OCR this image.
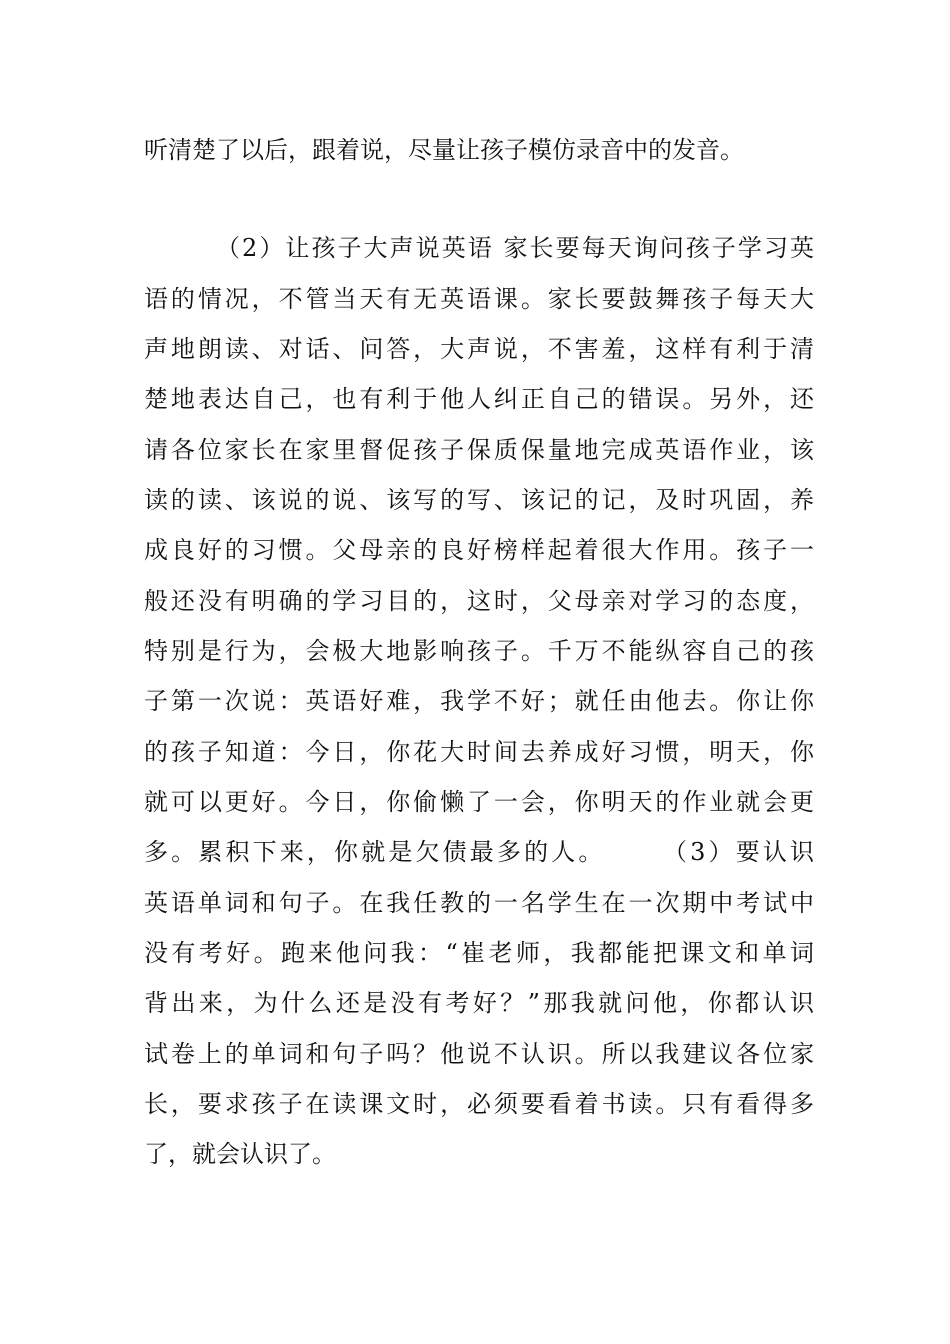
听清楚了以后，跟着说，尽量让孩子模仿录音中的发音。
（2）让孩子大声说英语 家长要每天询问孩子学习英
语的情况，不管当天有无英语课。家长要鼓舞孩子每天大
声地朗读、对话、问答，大声说，不害羞，这样有利于清
楚地表达自己，也有利于他人纠正自己的错误。另外，还
请各位家长在家里督促孩子保质保量地完成英语作业，该
读的读、该说的说、该写的写、该记的记，及时巩固，养
成良好的习惯。父母亲的良好榜样起着很大作用。孩子一
般还没有明确的学习目的，这时，父母亲对学习的态度，
特别是行为，会极大地影响孩子。千万不能纵容自己的孩
子第一次说：英语好难，我学不好；就任由他去。你让你
的孩子知道：今日，你花大时间去养成好习惯，明天，你
就可以更好。今日，你偷懒了一会，你明天的作业就会更
多。累积下来，你就是欠债最多的人。　　　（3）要认识
英语单词和句子。在我任教的一名学生在一次期中考试中
没有考好。跑来他问我：“崔老师，我都能把课文和单词
背出来，为什么还是没有考好？”那我就问他，你都认识
试卷上的单词和句子吗？他说不认识。所以我建议各位家
长，要求孩子在读课文时，必须要看着书读。只有看得多
了，就会认识了。
